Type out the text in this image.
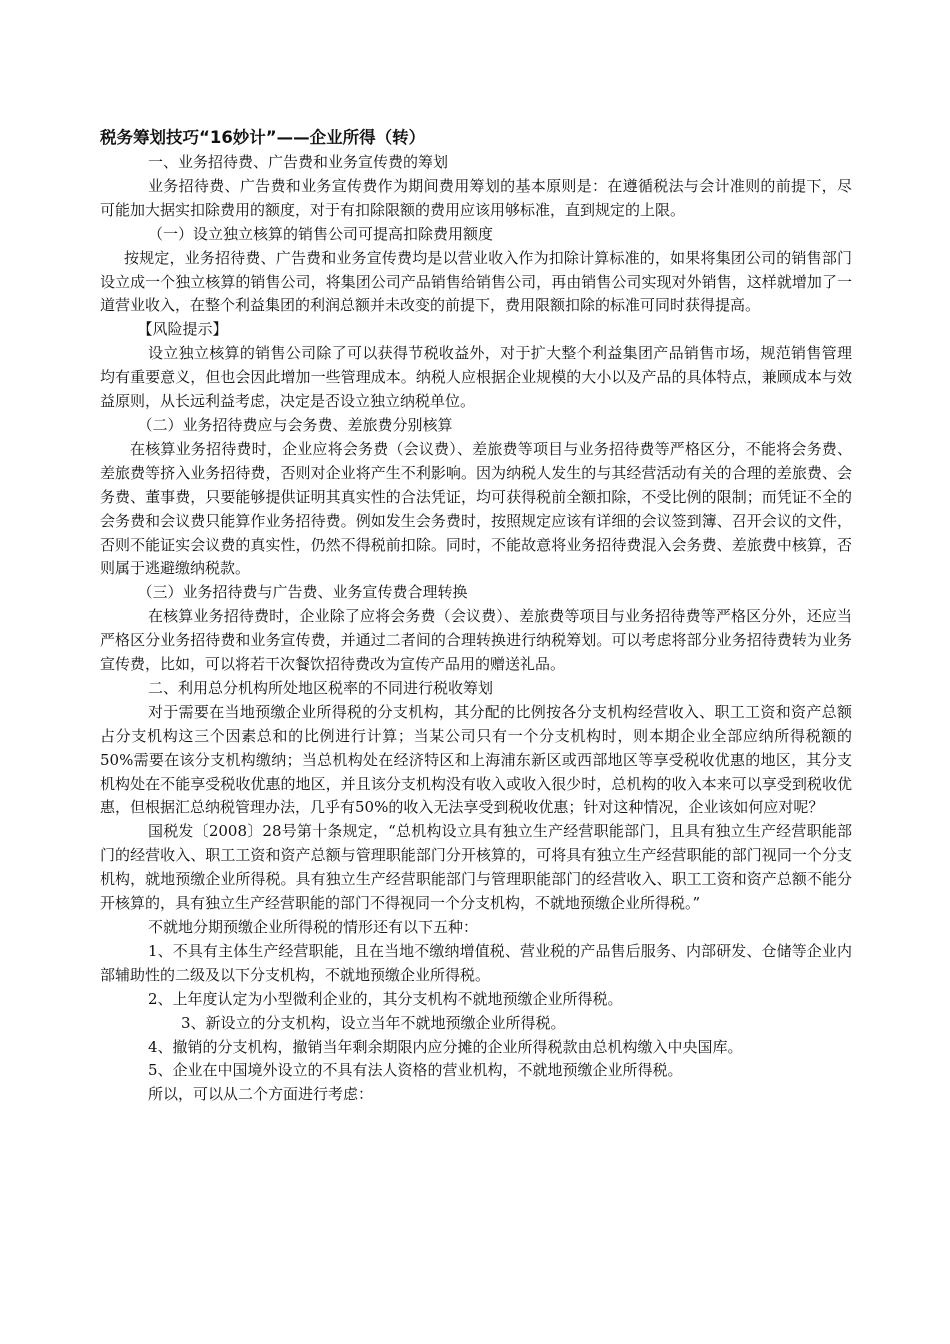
税务筹划技巧“16妙计”——企业所得（转）

一、业务招待费、广告费和业务宣传费的筹划

业务招待费、广告费和业务宣传费作为期间费用筹划的基本原则是：在遵循税法与会计准则的前提下，尽可能加大据实扣除费用的额度，对于有扣除限额的费用应该用够标准，直到规定的上限。

（一）设立独立核算的销售公司可提高扣除费用额度

按规定，业务招待费、广告费和业务宣传费均是以营业收入作为扣除计算标准的，如果将集团公司的销售部门设立成一个独立核算的销售公司，将集团公司产品销售给销售公司，再由销售公司实现对外销售，这样就增加了一道营业收入，在整个利益集团的利润总额并未改变的前提下，费用限额扣除的标准可同时获得提高。

【风险提示】

设立独立核算的销售公司除了可以获得节税收益外，对于扩大整个利益集团产品销售市场，规范销售管理均有重要意义，但也会因此增加一些管理成本。纳税人应根据企业规模的大小以及产品的具体特点，兼顾成本与效益原则，从长远利益考虑，决定是否设立独立纳税单位。

（二）业务招待费应与会务费、差旅费分别核算

在核算业务招待费时，企业应将会务费（会议费）、差旅费等项目与业务招待费等严格区分，不能将会务费、差旅费等挤入业务招待费，否则对企业将产生不利影响。因为纳税人发生的与其经营活动有关的合理的差旅费、会务费、董事费，只要能够提供证明其真实性的合法凭证，均可获得税前全额扣除，不受比例的限制；而凭证不全的会务费和会议费只能算作业务招待费。例如发生会务费时，按照规定应该有详细的会议签到簿、召开会议的文件，否则不能证实会议费的真实性，仍然不得税前扣除。同时，不能故意将业务招待费混入会务费、差旅费中核算，否则属于逃避缴纳税款。

（三）业务招待费与广告费、业务宣传费合理转换

在核算业务招待费时，企业除了应将会务费（会议费）、差旅费等项目与业务招待费等严格区分外，还应当严格区分业务招待费和业务宣传费，并通过二者间的合理转换进行纳税筹划。可以考虑将部分业务招待费转为业务宣传费，比如，可以将若干次餐饮招待费改为宣传产品用的赠送礼品。

二、利用总分机构所处地区税率的不同进行税收筹划

对于需要在当地预缴企业所得税的分支机构，其分配的比例按各分支机构经营收入、职工工资和资产总额占分支机构这三个因素总和的比例进行计算；当某公司只有一个分支机构时，则本期企业全部应纳所得税额的50%需要在该分支机构缴纳；当总机构处在经济特区和上海浦东新区或西部地区等享受税收优惠的地区，其分支机构处在不能享受税收优惠的地区，并且该分支机构没有收入或收入很少时，总机构的收入本来可以享受到税收优惠，但根据汇总纳税管理办法，几乎有50%的收入无法享受到税收优惠；针对这种情况，企业该如何应对呢？

国税发〔2008〕28号第十条规定，“总机构设立具有独立生产经营职能部门，且具有独立生产经营职能部门的经营收入、职工工资和资产总额与管理职能部门分开核算的，可将具有独立生产经营职能的部门视同一个分支机构，就地预缴企业所得税。具有独立生产经营职能部门与管理职能部门的经营收入、职工工资和资产总额不能分开核算的，具有独立生产经营职能的部门不得视同一个分支机构，不就地预缴企业所得税。”

不就地分期预缴企业所得税的情形还有以下五种：

1、不具有主体生产经营职能，且在当地不缴纳增值税、营业税的产品售后服务、内部研发、仓储等企业内部辅助性的二级及以下分支机构，不就地预缴企业所得税。

2、上年度认定为小型微利企业的，其分支机构不就地预缴企业所得税。

3、新设立的分支机构，设立当年不就地预缴企业所得税。

4、撤销的分支机构，撤销当年剩余期限内应分摊的企业所得税款由总机构缴入中央国库。

5、企业在中国境外设立的不具有法人资格的营业机构，不就地预缴企业所得税。

所以，可以从二个方面进行考虑：
